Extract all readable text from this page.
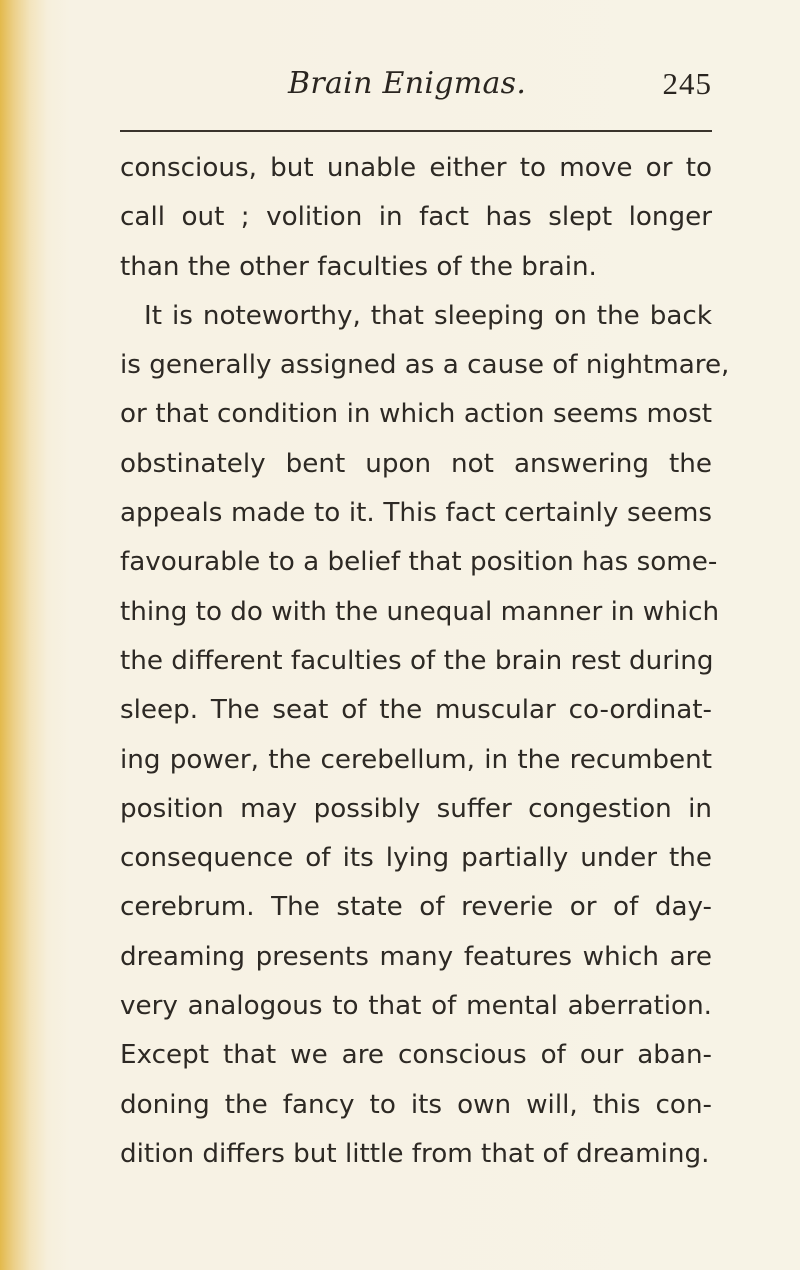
Brain Enigmas.	245
conscious, but unable either to move or to
call out ; volition in fact has slept longer
than the other faculties of the brain.
It is noteworthy, that sleeping on the back
is generally assigned as a cause of nightmare,
or that condition in which action seems most
obstinately bent upon not answering the
appeals made to it. This fact certainly seems
favourable to a belief that position has some-
thing to do with the unequal manner in which
the different faculties of the brain rest during
sleep. The seat of the muscular co-ordinat-
ing power, the cerebellum, in the recumbent
position may possibly suffer congestion in
consequence of its lying partially under the
cerebrum. The state of reverie or of day-
dreaming presents many features which are
very analogous to that of mental aberration.
Except that we are conscious of our aban-
doning the fancy to its own will, this con-
dition differs but little from that of dreaming.
